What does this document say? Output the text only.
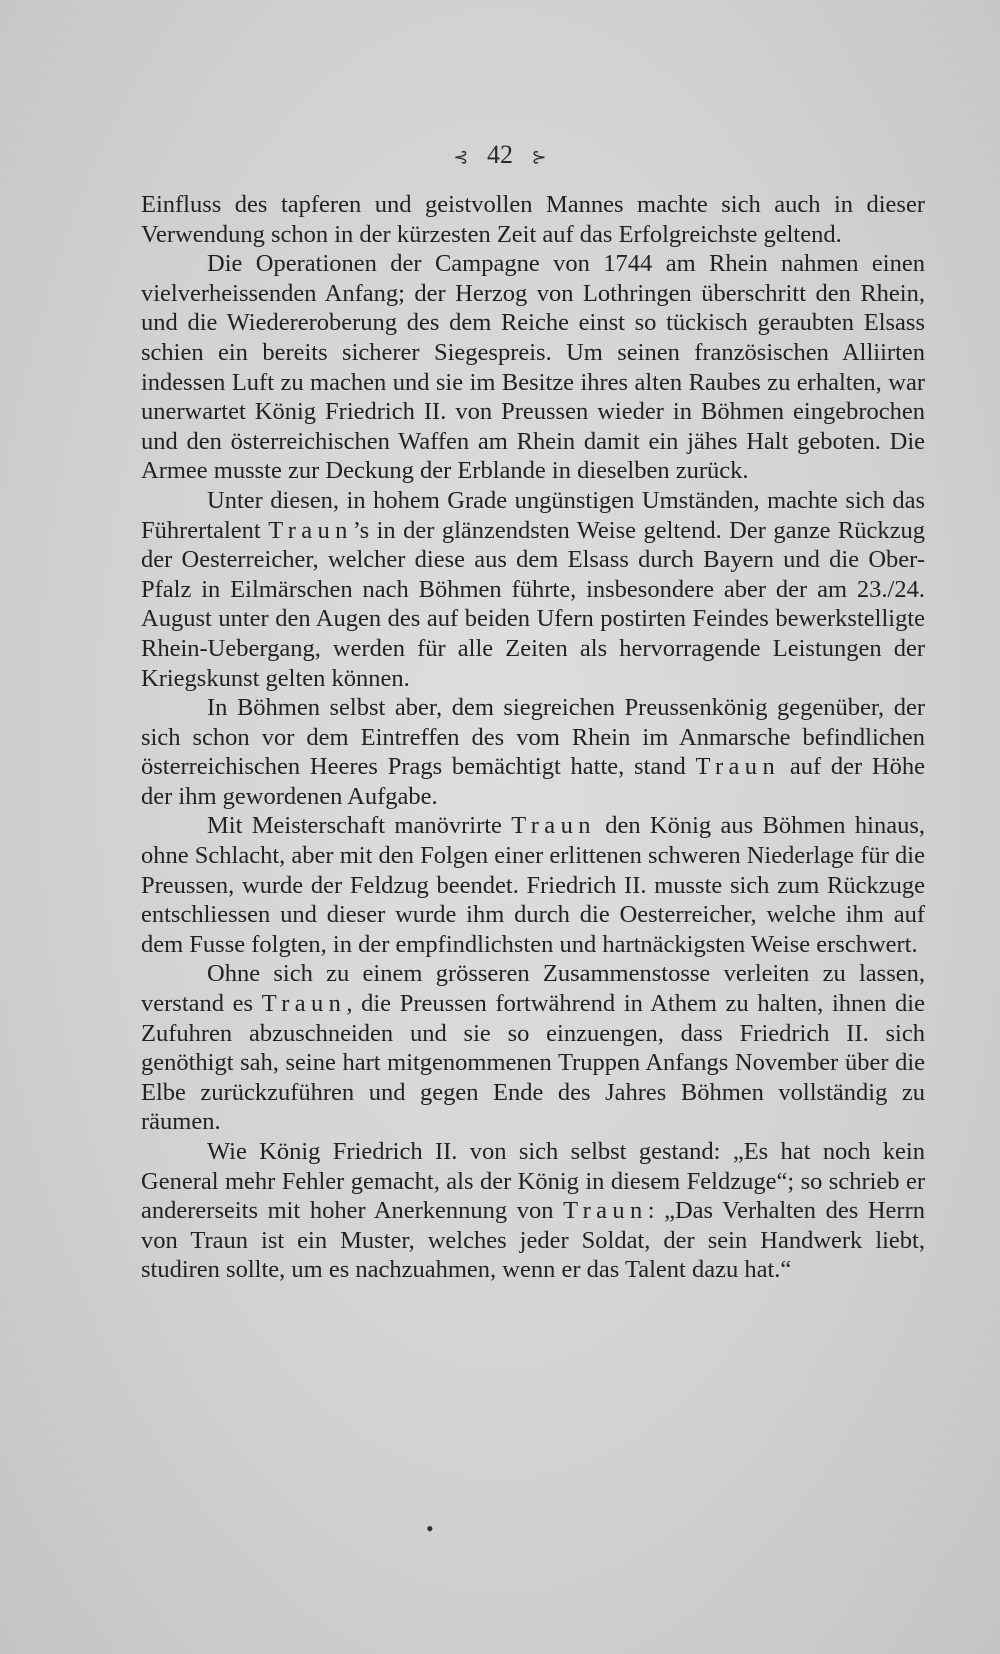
⊰ 42 ⊱

Einfluss des tapferen und geistvollen Mannes machte sich auch in dieser Verwendung schon in der kürzesten Zeit auf das Erfolgreichste geltend.

Die Operationen der Campagne von 1744 am Rhein nahmen einen vielverheissenden Anfang; der Herzog von Lothringen überschritt den Rhein, und die Wiedereroberung des dem Reiche einst so tückisch geraubten Elsass schien ein bereits sicherer Siegespreis. Um seinen französischen Alliirten indessen Luft zu machen und sie im Besitze ihres alten Raubes zu erhalten, war unerwartet König Friedrich II. von Preussen wieder in Böhmen eingebrochen und den österreichischen Waffen am Rhein damit ein jähes Halt geboten. Die Armee musste zur Deckung der Erblande in dieselben zurück.

Unter diesen, in hohem Grade ungünstigen Umständen, machte sich das Führertalent Traun’s in der glänzendsten Weise geltend. Der ganze Rückzug der Oesterreicher, welcher diese aus dem Elsass durch Bayern und die Ober-Pfalz in Eilmärschen nach Böhmen führte, insbesondere aber der am 23./24. August unter den Augen des auf beiden Ufern postirten Feindes bewerkstelligte Rhein-Uebergang, werden für alle Zeiten als hervorragende Leistungen der Kriegskunst gelten können.

In Böhmen selbst aber, dem siegreichen Preussenkönig gegenüber, der sich schon vor dem Eintreffen des vom Rhein im Anmarsche befindlichen österreichischen Heeres Prags bemächtigt hatte, stand Traun auf der Höhe der ihm gewordenen Aufgabe.

Mit Meisterschaft manövrirte Traun den König aus Böhmen hinaus, ohne Schlacht, aber mit den Folgen einer erlittenen schweren Niederlage für die Preussen, wurde der Feldzug beendet. Friedrich II. musste sich zum Rückzuge entschliessen und dieser wurde ihm durch die Oesterreicher, welche ihm auf dem Fusse folgten, in der empfindlichsten und hartnäckigsten Weise erschwert.

Ohne sich zu einem grösseren Zusammenstosse verleiten zu lassen, verstand es Traun, die Preussen fortwährend in Athem zu halten, ihnen die Zufuhren abzuschneiden und sie so einzuengen, dass Friedrich II. sich genöthigt sah, seine hart mitgenommenen Truppen Anfangs November über die Elbe zurückzuführen und gegen Ende des Jahres Böhmen vollständig zu räumen.

Wie König Friedrich II. von sich selbst gestand: „Es hat noch kein General mehr Fehler gemacht, als der König in diesem Feldzuge“; so schrieb er andererseits mit hoher Anerkennung von Traun: „Das Verhalten des Herrn von Traun ist ein Muster, welches jeder Soldat, der sein Handwerk liebt, studiren sollte, um es nachzuahmen, wenn er das Talent dazu hat.“

•
